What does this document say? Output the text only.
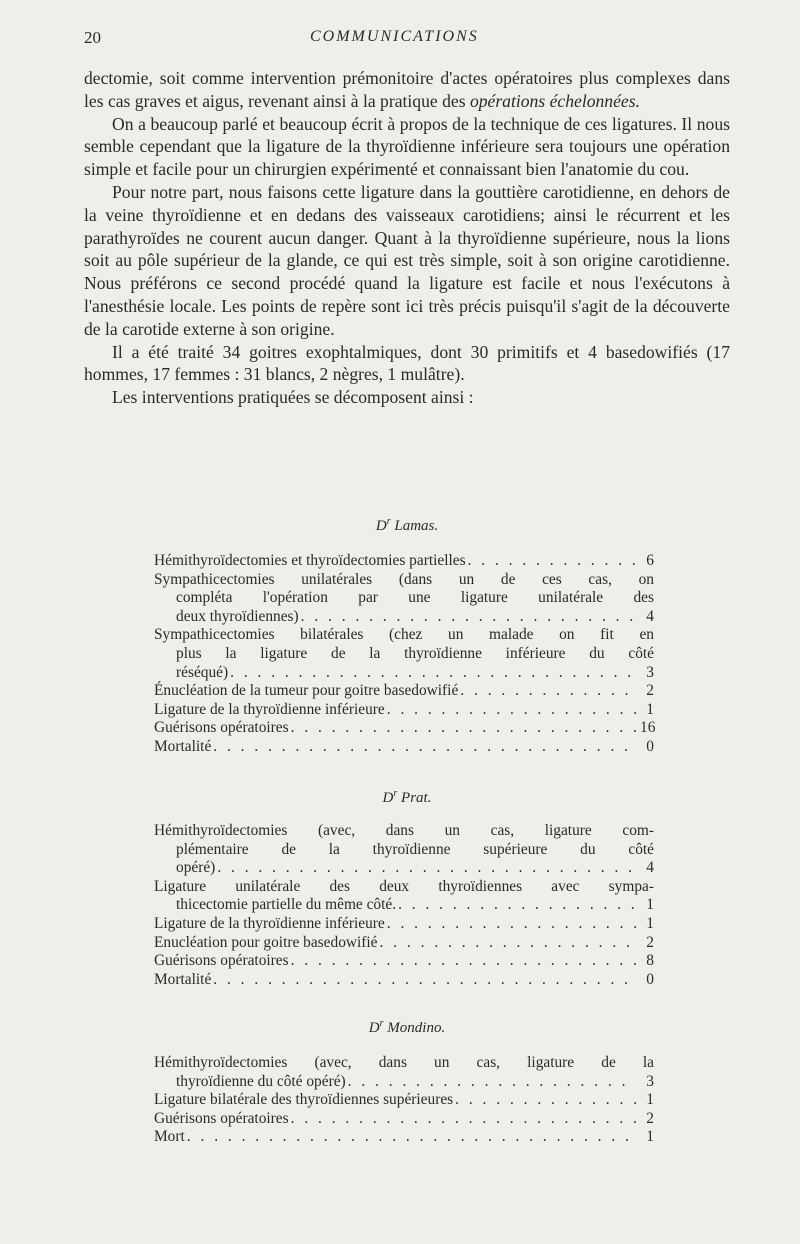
20	COMMUNICATIONS

dectomie, soit comme intervention prémonitoire d'actes opératoires plus complexes dans les cas graves et aigus, revenant ainsi à la pratique des opérations échelonnées.

On a beaucoup parlé et beaucoup écrit à propos de la technique de ces ligatures. Il nous semble cependant que la ligature de la thyroïdienne inférieure sera toujours une opération simple et facile pour un chirurgien expérimenté et connaissant bien l'anatomie du cou.

Pour notre part, nous faisons cette ligature dans la gouttière carotidienne, en dehors de la veine thyroïdienne et en dedans des vaisseaux carotidiens; ainsi le récurrent et les parathyroïdes ne courent aucun danger. Quant à la thyroïdienne supérieure, nous la lions soit au pôle supérieur de la glande, ce qui est très simple, soit à son origine carotidienne. Nous préférons ce second procédé quand la ligature est facile et nous l'exécutons à l'anesthésie locale. Les points de repère sont ici très précis puisqu'il s'agit de la découverte de la carotide externe à son origine.

Il a été traité 34 goitres exophtalmiques, dont 30 primitifs et 4 basedowifiés (17 hommes, 17 femmes : 31 blancs, 2 nègres, 1 mulâtre).

Les interventions pratiquées se décomposent ainsi :

$D^r$ Lamas.
Hémithyroïdectomies et thyroïdectomies partielles . . .	6
Sympathicectomies unilatérales (dans un de ces cas, on
compléta l'opération par une ligature unilatérale des
deux thyroïdiennes) . . .	4
Sympathicectomies bilatérales (chez un malade on fit en
plus la ligature de la thyroïdienne inférieure du côté
réséqué) . . .	3
Énucléation de la tumeur pour goitre basedowifié . . .	2
Ligature de la thyroïdienne inférieure . . .	1
Guérisons opératoires . . .	16
Mortalité . . .	0
$D^r$ Prat.
Hémithyroïdectomies (avec, dans un cas, ligature com-
plémentaire de la thyroïdienne supérieure du côté
opéré) . . .	4
Ligature unilatérale des deux thyroïdiennes avec sympa-
thicectomie partielle du même côté. . . .	1
Ligature de la thyroïdienne inférieure . . .	1
Enucléation pour goitre basedowifié . . .	2
Guérisons opératoires . . .	8
Mortalité . . .	0
$D^r$ Mondino.
Hémithyroïdectomies (avec, dans un cas, ligature de la
thyroïdienne du côté opéré) . . .	3
Ligature bilatérale des thyroïdiennes supérieures . . .	1
Guérisons opératoires . . .	2
Mort . . .	1
